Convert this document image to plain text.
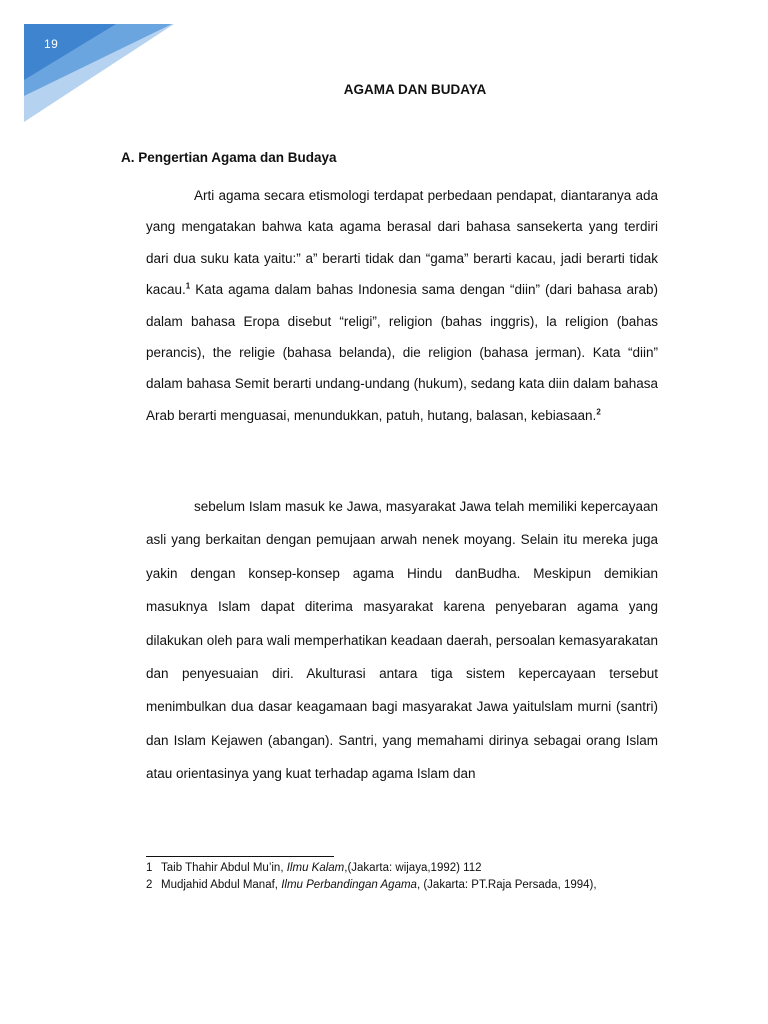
19
AGAMA DAN BUDAYA
A. Pengertian Agama dan Budaya

Arti agama secara etismologi terdapat perbedaan pendapat, diantaranya ada yang mengatakan bahwa kata agama berasal dari bahasa sansekerta yang terdiri dari dua suku kata yaitu:” a” berarti tidak dan “gama” berarti kacau, jadi berarti tidak kacau.$^1$ Kata agama dalam bahas Indonesia sama dengan “diin” (dari bahasa arab) dalam bahasa Eropa disebut “religi”, religion (bahas inggris), la religion (bahas perancis), the religie (bahasa belanda), die religion (bahasa jerman). Kata “diin” dalam bahasa Semit berarti undang-undang (hukum), sedang kata diin dalam bahasa Arab berarti menguasai, menundukkan, patuh, hutang, balasan, kebiasaan.$^2$

sebelum Islam masuk ke Jawa, masyarakat Jawa telah memiliki kepercayaan asli yang berkaitan dengan pemujaan arwah nenek moyang. Selain itu mereka juga yakin dengan konsep-konsep agama Hindu danBudha. Meskipun demikian masuknya Islam dapat diterima masyarakat karena penyebaran agama yang dilakukan oleh para wali memperhatikan keadaan daerah, persoalan kemasyarakatan dan penyesuaian diri. Akulturasi antara tiga sistem kepercayaan tersebut menimbulkan dua dasar keagamaan bagi masyarakat Jawa yaitulslam murni (santri) dan Islam Kejawen (abangan). Santri, yang memahami dirinya sebagai orang Islam atau orientasinya yang kuat terhadap agama Islam dan

1 Taib Thahir Abdul Mu’in, Ilmu Kalam,(Jakarta: wijaya,1992) 112
2 Mudjahid Abdul Manaf, Ilmu Perbandingan Agama, (Jakarta: PT.Raja Persada, 1994),
